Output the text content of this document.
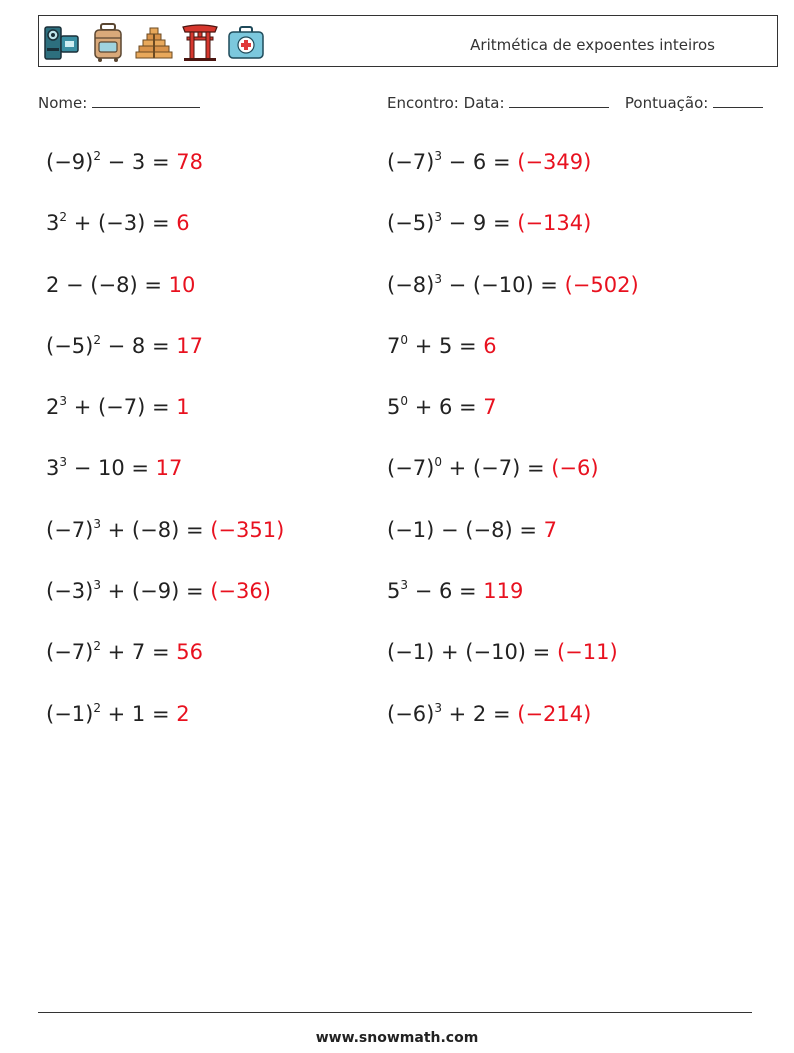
Aritmética de expoentes inteiros
Nome:	Encontro: Data:	Pontuação:
$(-9)^2 - 3 = 78$
$3^2 + (-3) = 6$
2 − (−8) = 10
$(-5)^2 - 8 = 17$
$2^3 + (-7) = 1$
$3^3 - 10 = 17$
$(-7)^3 + (-8) = (-351)$
$(-3)^3 + (-9) = (-36)$
$(-7)^2 + 7 = 56$
$(-1)^2 + 1 = 2$
$(-7)^3 - 6 = (-349)$
$(-5)^3 - 9 = (-134)$
$(-8)^3 - (-10) = (-502)$
$7^0 + 5 = 6$
$5^0 + 6 = 7$
$(-7)^0 + (-7) = (-6)$
(−1) − (−8) = 7
$5^3 - 6 = 119$
(−1) + (−10) = (−11)
$(-6)^3 + 2 = (-214)$
www.snowmath.com
